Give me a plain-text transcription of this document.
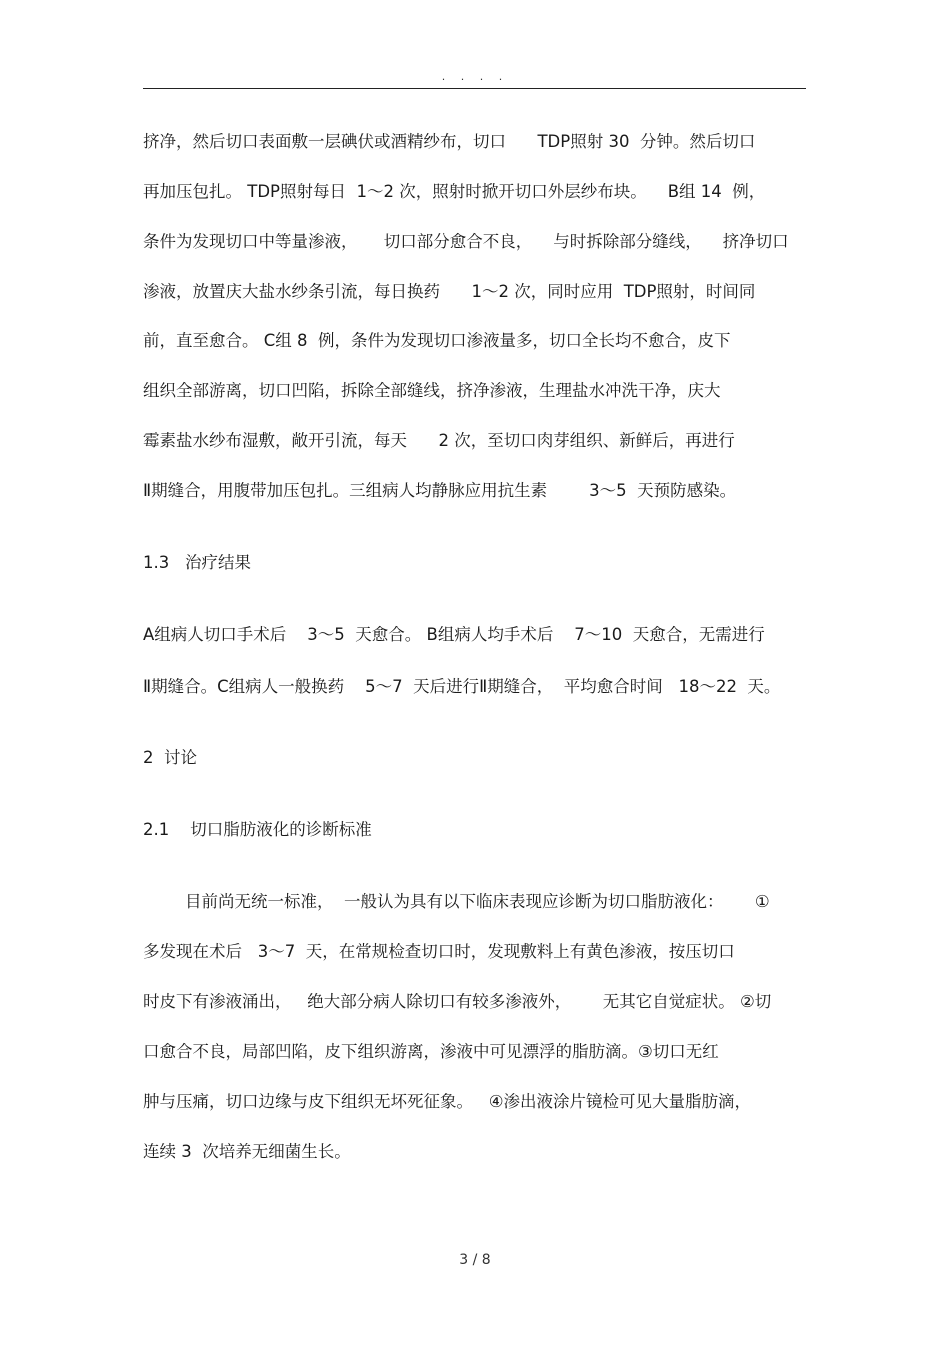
. . . .
挤净，然后切口表面敷一层碘伏或酒精纱布，切口      TDP照射 30  分钟。然后切口
再加压包扎。 TDP照射每日  1～2 次，照射时掀开切口外层纱布块。    B组 14  例，
条件为发现切口中等量渗液，     切口部分愈合不良，    与时拆除部分缝线，    挤净切口
渗液，放置庆大盐水纱条引流，每日换药      1～2 次，同时应用  TDP照射，时间同
前，直至愈合。 C组 8  例，条件为发现切口渗液量多，切口全长均不愈合，皮下
组织全部游离，切口凹陷，拆除全部缝线，挤净渗液，生理盐水冲洗干净，庆大
霉素盐水纱布湿敷，敞开引流，每天      2 次，至切口肉芽组织、新鲜后，再进行
Ⅱ期缝合，用腹带加压包扎。三组病人均静脉应用抗生素        3～5  天预防感染。
1.3   治疗结果
A组病人切口手术后    3～5  天愈合。 B组病人均手术后    7～10  天愈合，无需进行
Ⅱ期缝合。C组病人一般换药    5～7  天后进行Ⅱ期缝合，  平均愈合时间   18～22  天。
2  讨论
2.1    切口脂肪液化的诊断标准
目前尚无统一标准，  一般认为具有以下临床表现应诊断为切口脂肪液化：      ①
多发现在术后   3～7  天，在常规检查切口时，发现敷料上有黄色渗液，按压切口
时皮下有渗液涌出，   绝大部分病人除切口有较多渗液外，      无其它自觉症状。 ②切
口愈合不良，局部凹陷，皮下组织游离，渗液中可见漂浮的脂肪滴。③切口无红
肿与压痛，切口边缘与皮下组织无坏死征象。   ④渗出液涂片镜检可见大量脂肪滴，
连续 3  次培养无细菌生长。
3 / 8
